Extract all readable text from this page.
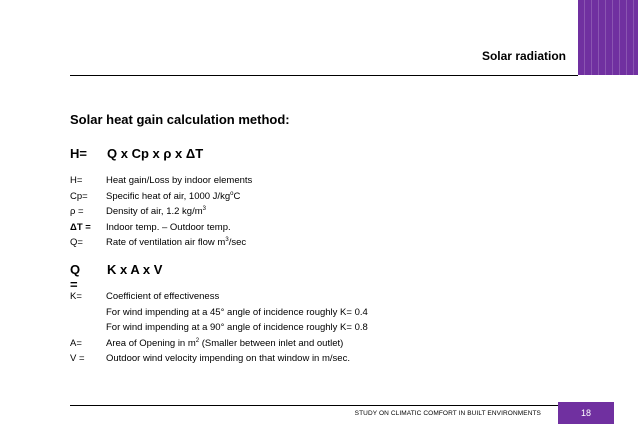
Solar radiation
Solar heat gain calculation method:
H= Q x Cp x ρ x ΔT
H= Heat gain/Loss by indoor elements
Cp= Specific heat of air, 1000 $J/kg^oC$
ρ = Density of air, 1.2 $kg/m^3$
ΔT = Indoor temp. – Outdoor temp.
Q= Rate of ventilation air flow $m^3/\sec$
Q =
K x A x V
K=	Coefficient of effectiveness
For wind impending at a 45° angle of incidence roughly K= 0.4
For wind impending at a 90° angle of incidence roughly K= 0.8
A=	Area of Opening in $m^2$ (Smaller between inlet and outlet)
V = Outdoor wind velocity impending on that window in m/sec.
STUDY ON CLIMATIC COMFORT IN BUILT ENVIRONMENTS	18
